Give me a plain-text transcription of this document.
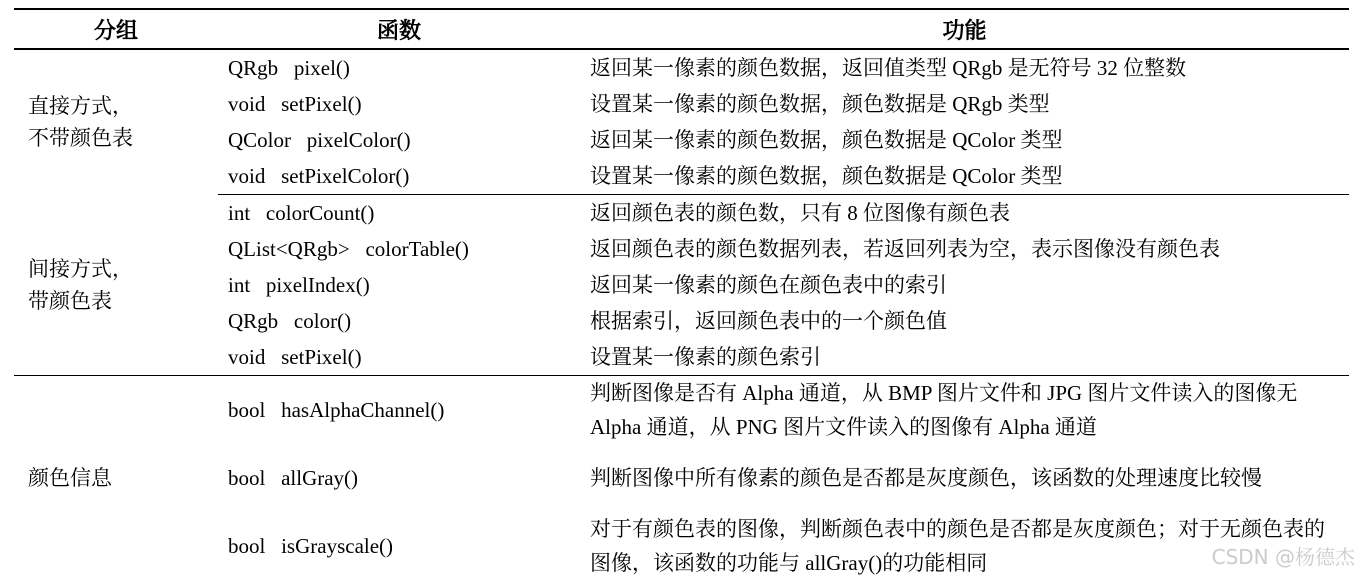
分组	函数	功能

直接方式，
不带颜色表	QRgb   pixel()	返回某一像素的颜色数据，返回值类型 QRgb 是无符号 32 位整数
	void   setPixel()	设置某一像素的颜色数据，颜色数据是 QRgb 类型
	QColor   pixelColor()	返回某一像素的颜色数据，颜色数据是 QColor 类型
	void   setPixelColor()	设置某一像素的颜色数据，颜色数据是 QColor 类型

间接方式，
带颜色表	int   colorCount()	返回颜色表的颜色数，只有 8 位图像有颜色表
	QList<QRgb>   colorTable()	返回颜色表的颜色数据列表，若返回列表为空，表示图像没有颜色表
	int   pixelIndex()	返回某一像素的颜色在颜色表中的索引
	QRgb   color()	根据索引，返回颜色表中的一个颜色值
	void   setPixel()	设置某一像素的颜色索引

颜色信息	bool   hasAlphaChannel()	判断图像是否有 Alpha 通道，从 BMP 图片文件和 JPG 图片文件读入的图像无 Alpha 通道，从 PNG 图片文件读入的图像有 Alpha 通道
	bool   allGray()	判断图像中所有像素的颜色是否都是灰度颜色，该函数的处理速度比较慢
	bool   isGrayscale()	对于有颜色表的图像，判断颜色表中的颜色是否都是灰度颜色；对于无颜色表的图像，该函数的功能与 allGray()的功能相同	CSDN @杨德杰
